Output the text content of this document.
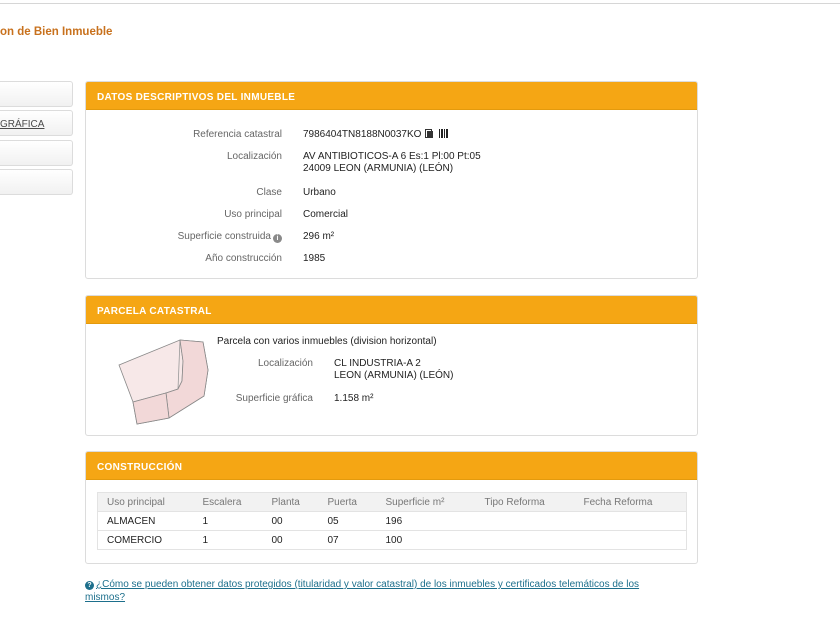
on de Bien Inmueble
GRÁFICA
DATOS DESCRIPTIVOS DEL INMUEBLE
Referencia catastral 7986404TN8188N0037KO
Localización AV ANTIBIOTICOS-A 6 Es:1 Pl:00 Pt:05
24009 LEON (ARMUNIA) (LEÓN)
Clase Urbano
Uso principal Comercial
Superficie construida i	296 m²
Año construcción 1985
PARCELA CATASTRAL
Parcela con varios inmuebles (division horizontal)
Localización CL INDUSTRIA-A 2
LEON (ARMUNIA) (LEÓN)
Superficie gráfica 1.158 m²
CONSTRUCCIÓN
Uso principal	Escalera	Planta	Puerta	Superficie m²	Tipo Reforma	Fecha Reforma
ALMACEN	1	00	05	196		
COMERCIO	1	00	07	100		
? ¿Cómo se pueden obtener datos protegidos (titularidad y valor catastral) de los inmuebles y certificados telemáticos de los
mismos?
